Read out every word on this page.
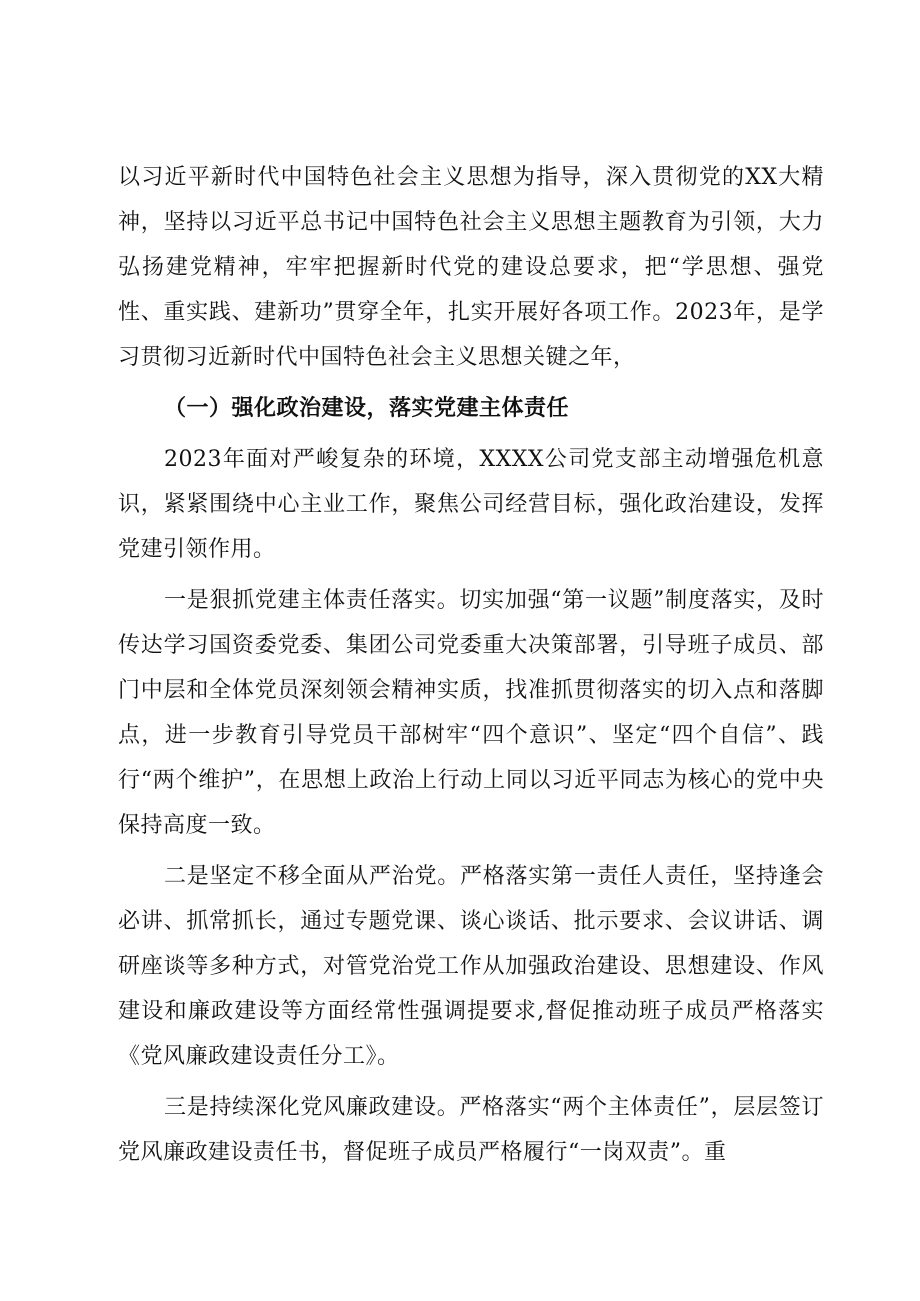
以习近平新时代中国特色社会主义思想为指导，深入贯彻党的XX大精神，坚持以习近平总书记中国特色社会主义思想主题教育为引领，大力弘扬建党精神，牢牢把握新时代党的建设总要求，把“学思想、强党性、重实践、建新功”贯穿全年，扎实开展好各项工作。2023年，是学习贯彻习近新时代中国特色社会主义思想关键之年，

（一）强化政治建设，落实党建主体责任

2023年面对严峻复杂的环境，XXXX公司党支部主动增强危机意识，紧紧围绕中心主业工作，聚焦公司经营目标，强化政治建设，发挥党建引领作用。

一是狠抓党建主体责任落实。切实加强“第一议题”制度落实，及时传达学习国资委党委、集团公司党委重大决策部署，引导班子成员、部门中层和全体党员深刻领会精神实质，找准抓贯彻落实的切入点和落脚点，进一步教育引导党员干部树牢“四个意识”、坚定“四个自信”、践行“两个维护”，在思想上政治上行动上同以习近平同志为核心的党中央保持高度一致。

二是坚定不移全面从严治党。严格落实第一责任人责任，坚持逢会必讲、抓常抓长，通过专题党课、谈心谈话、批示要求、会议讲话、调研座谈等多种方式，对管党治党工作从加强政治建设、思想建设、作风建设和廉政建设等方面经常性强调提要求,督促推动班子成员严格落实《党风廉政建设责任分工》。

三是持续深化党风廉政建设。严格落实“两个主体责任”，层层签订党风廉政建设责任书，督促班子成员严格履行“一岗双责”。重
